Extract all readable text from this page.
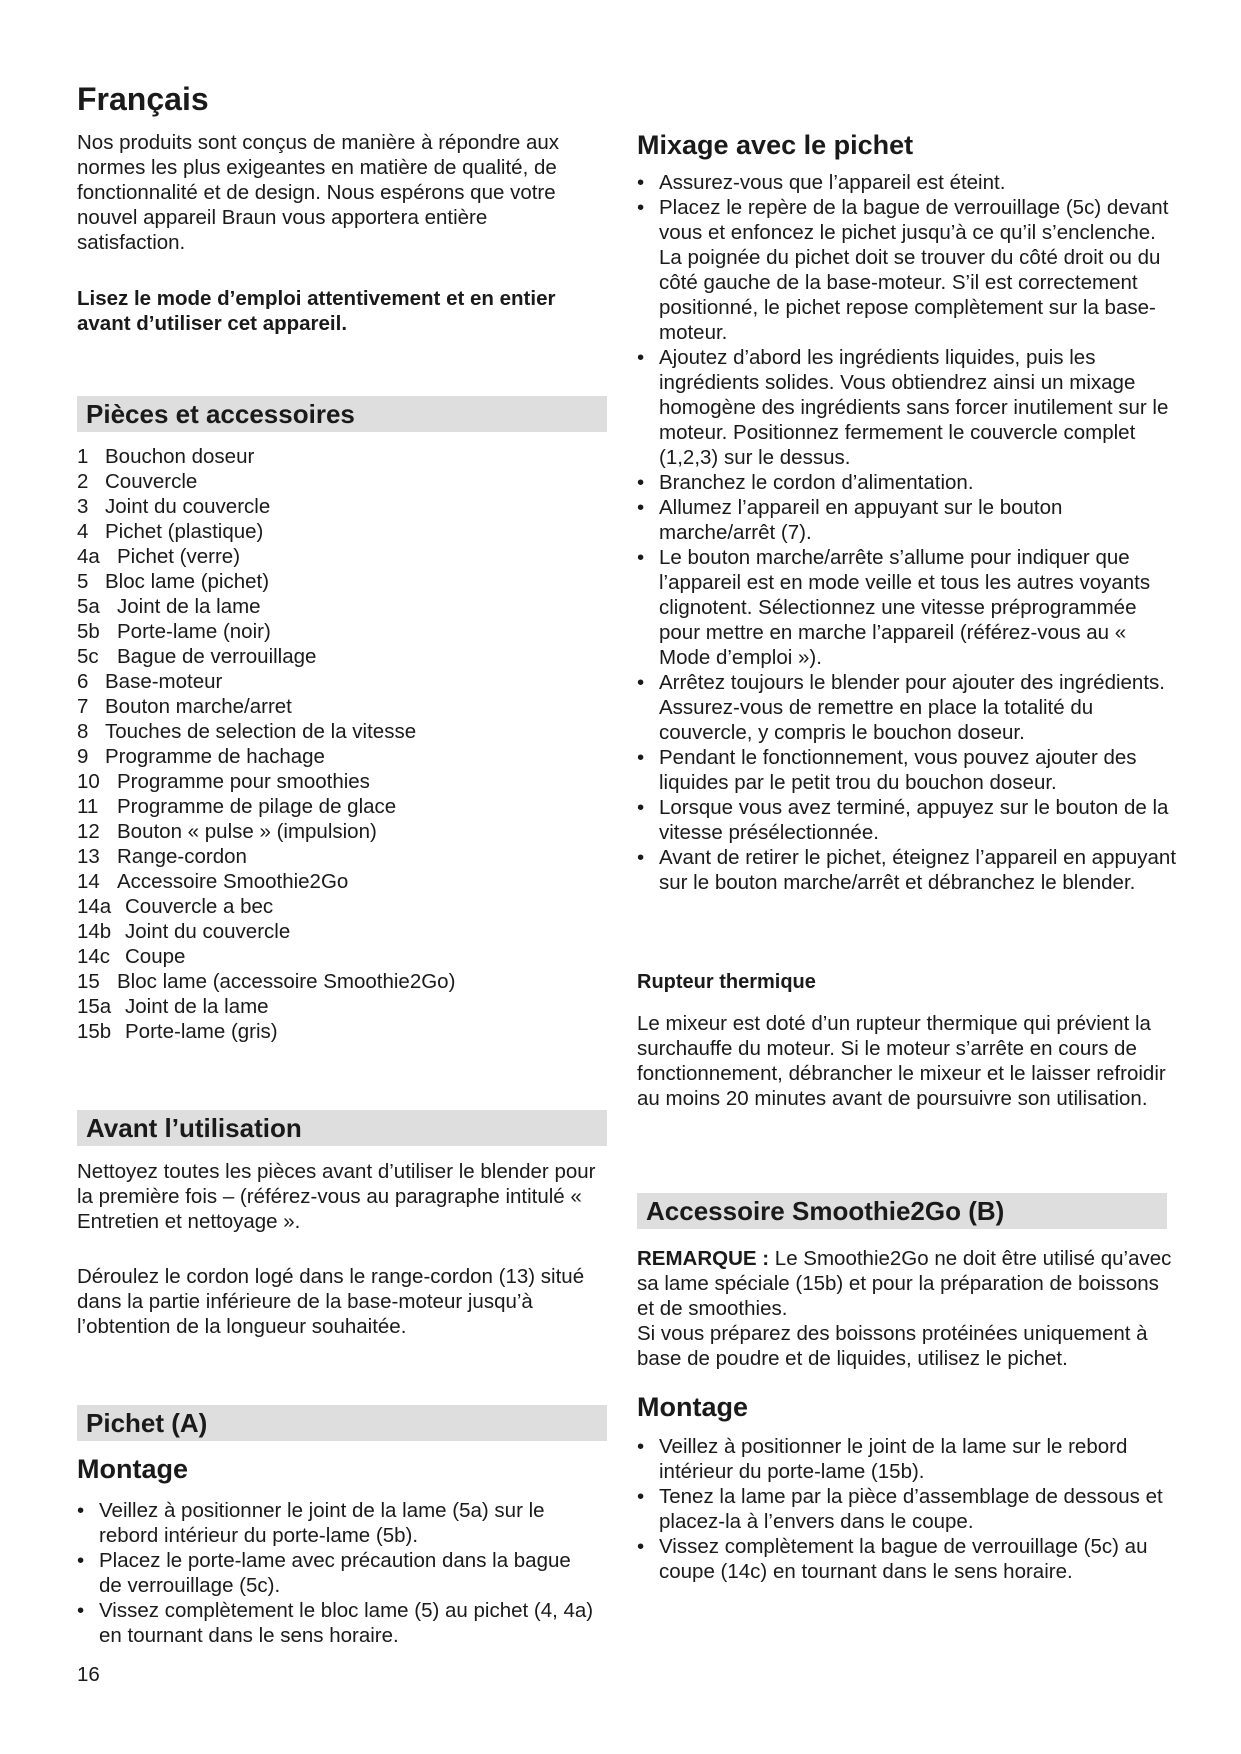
Français

Nos produits sont conçus de manière à répondre aux normes les plus exigeantes en matière de qualité, de fonctionnalité et de design. Nous espérons que votre nouvel appareil Braun vous apportera entière satisfaction.

Lisez le mode d’emploi attentivement et en entier avant d’utiliser cet appareil.

Pièces et accessoires
1 Bouchon doseur
2 Couvercle
3 Joint du couvercle
4 Pichet (plastique)
4a Pichet (verre)
5 Bloc lame (pichet)
5a Joint de la lame
5b Porte-lame (noir)
5c Bague de verrouillage
6 Base-moteur
7 Bouton marche/arret
8 Touches de selection de la vitesse
9 Programme de hachage
10 Programme pour smoothies
11 Programme de pilage de glace
12 Bouton « pulse » (impulsion)
13 Range-cordon
14 Accessoire Smoothie2Go
14a Couvercle a bec
14b Joint du couvercle
14c Coupe
15 Bloc lame (accessoire Smoothie2Go)
15a Joint de la lame
15b Porte-lame (gris)
Avant l’utilisation

Nettoyez toutes les pièces avant d’utiliser le blender pour la première fois – (référez-vous au paragraphe intitulé « Entretien et nettoyage ».

Déroulez le cordon logé dans le range-cordon (13) situé dans la partie inférieure de la base-moteur jusqu’à l’obtention de la longueur souhaitée.

Pichet (A)
Montage
• Veillez à positionner le joint de la lame (5a) sur le rebord intérieur du porte-lame (5b).
• Placez le porte-lame avec précaution dans la bague de verrouillage (5c).
• Vissez complètement le bloc lame (5) au pichet (4, 4a) en tournant dans le sens horaire.
Mixage avec le pichet
• Assurez-vous que l’appareil est éteint.
• Placez le repère de la bague de verrouillage (5c) devant vous et enfoncez le pichet jusqu’à ce qu’il s’enclenche. La poignée du pichet doit se trouver du côté droit ou du côté gauche de la base-moteur. S’il est correctement positionné, le pichet repose complètement sur la base-moteur.
• Ajoutez d’abord les ingrédients liquides, puis les ingrédients solides. Vous obtiendrez ainsi un mixage homogène des ingrédients sans forcer inutilement sur le moteur. Positionnez fermement le couvercle complet (1,2,3) sur le dessus.
• Branchez le cordon d’alimentation.
• Allumez l’appareil en appuyant sur le bouton marche/arrêt (7).
• Le bouton marche/arrête s’allume pour indiquer que l’appareil est en mode veille et tous les autres voyants clignotent. Sélectionnez une vitesse préprogrammée pour mettre en marche l’appareil (référez-vous au « Mode d’emploi »).
• Arrêtez toujours le blender pour ajouter des ingrédients. Assurez-vous de remettre en place la totalité du couvercle, y compris le bouchon doseur.
• Pendant le fonctionnement, vous pouvez ajouter des liquides par le petit trou du bouchon doseur.
• Lorsque vous avez terminé, appuyez sur le bouton de la vitesse présélectionnée.
• Avant de retirer le pichet, éteignez l’appareil en appuyant sur le bouton marche/arrêt et débranchez le blender.
Rupteur thermique

Le mixeur est doté d’un rupteur thermique qui prévient la surchauffe du moteur. Si le moteur s’arrête en cours de fonctionnement, débrancher le mixeur et le laisser refroidir au moins 20 minutes avant de poursuivre son utilisation.

Accessoire Smoothie2Go (B)

REMARQUE : Le Smoothie2Go ne doit être utilisé qu’avec sa lame spéciale (15b) et pour la préparation de boissons et de smoothies.

Si vous préparez des boissons protéinées uniquement à base de poudre et de liquides, utilisez le pichet.

Montage
• Veillez à positionner le joint de la lame sur le rebord intérieur du porte-lame (15b).
• Tenez la lame par la pièce d’assemblage de dessous et placez-la à l’envers dans le coupe.
• Vissez complètement la bague de verrouillage (5c) au coupe (14c) en tournant dans le sens horaire.
16
